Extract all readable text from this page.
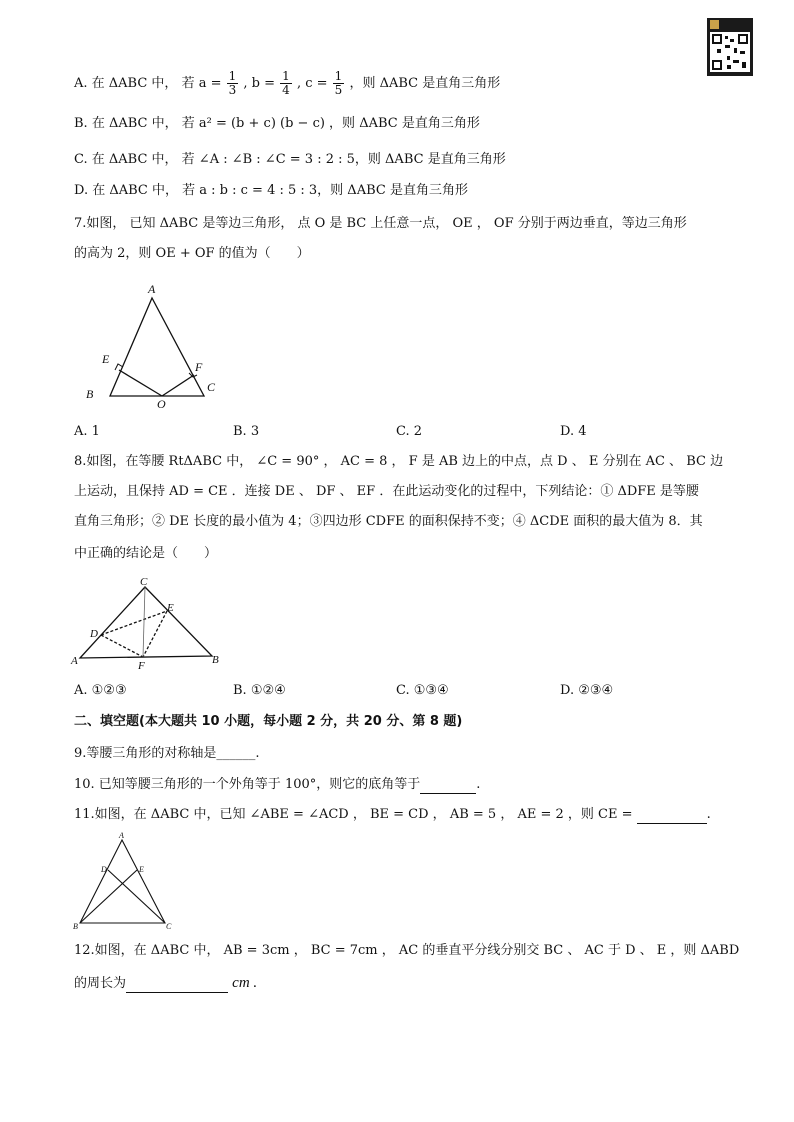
A. 在 ΔABC 中， 若 $a = \frac{1}{3}$ , $b = \frac{1}{4}$ , $c = \frac{1}{5}$ ，则 ΔABC 是直角三角形
B. 在 ΔABC 中， 若 a² = (b + c) (b − c) ，则 ΔABC 是直角三角形
C. 在 ΔABC 中， 若 ∠A : ∠B : ∠C = 3 : 2 : 5，则 ΔABC 是直角三角形
D. 在 ΔABC 中， 若 a : b : c = 4 : 5 : 3，则 ΔABC 是直角三角形
7.如图， 已知 ΔABC 是等边三角形， 点 O 是 BC 上任意一点， OE ， OF 分别于两边垂直，等边三角形
的高为 2，则 OE + OF 的值为（　　）
A
B	C
E
F
O
A. 1	B. 3	C. 2	D. 4
8.如图，在等腰 RtΔABC 中， ∠C = 90° ， AC = 8 ， F 是 AB 边上的中点，点 D 、 E 分别在 AC 、 BC 边
上运动，且保持 AD = CE ．连接 DE 、 DF 、 EF ．在此运动变化的过程中，下列结论：① ΔDFE 是等腰
直角三角形；② DE 长度的最小值为 4；③四边形 CDFE 的面积保持不变；④ ΔCDE 面积的最大值为 8．其
中正确的结论是（　　）
C
A	B
D
E
F
A. ①②③	B. ①②④	C. ①③④	D. ②③④
二、填空题(本大题共 10 小题，每小题 2 分，共 20 分、第 8 题)
9.等腰三角形的对称轴是______.
10. 已知等腰三角形的一个外角等于 100°，则它的底角等于	.
11.如图，在 ΔABC 中，已知 ∠ABE = ∠ACD ， BE = CD ， AB = 5 ， AE = 2 ，则 CE =	.
A
B	C
D	E
12.如图，在 ΔABC 中， AB = 3cm ， BC = 7cm ， AC 的垂直平分线分别交 BC 、 AC 于 D 、 E ，则 ΔABD
的周长为	cm .
